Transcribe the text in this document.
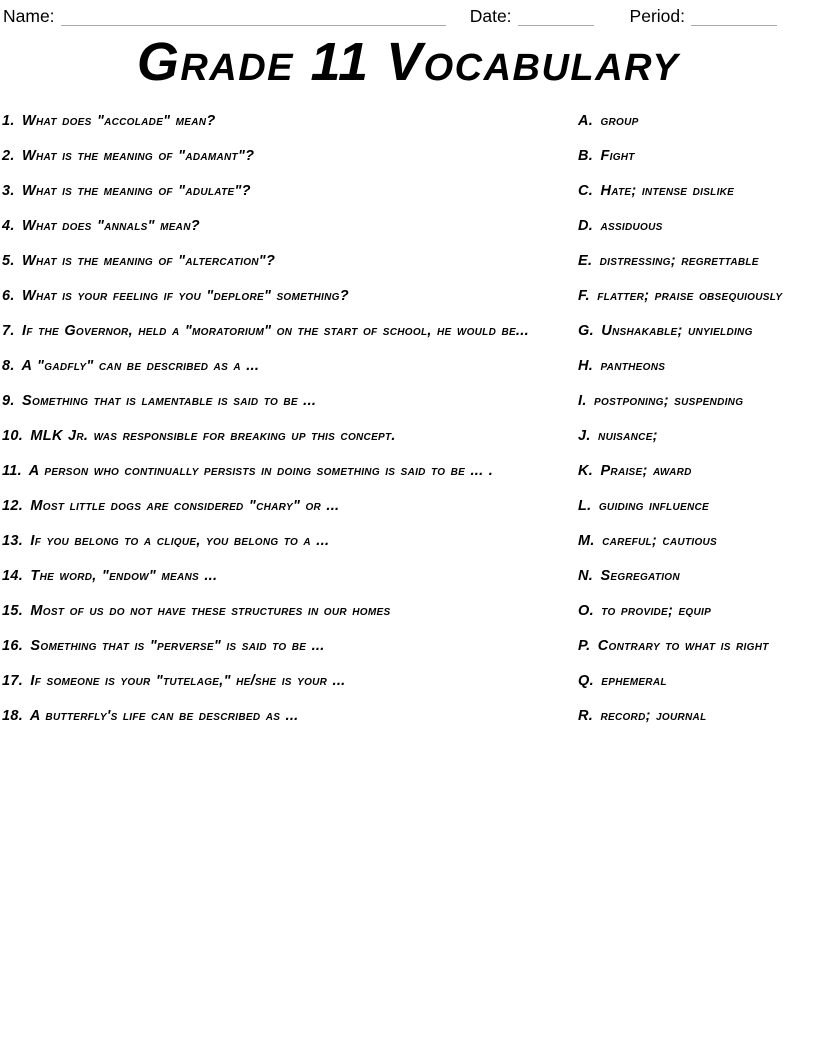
Name:	Date:	Period:
Grade 11 Vocabulary
1. What does "accolade" mean?	A. group
2. What is the meaning of "adamant"?	B. Fight
3. What is the meaning of "adulate"?	C. Hate; intense dislike
4. What does "annals" mean?	D. assiduous
5. What is the meaning of "altercation"?	E. distressing; regrettable
6. What is your feeling if you "deplore" something?	F. flatter; praise obsequiously
7. If the Governor, held a "moratorium" on the start of school, he would be...	G. Unshakable; unyielding
8. A "gadfly" can be described as a ...	H. pantheons
9. Something that is lamentable is said to be ...	I. postponing; suspending
10. MLK Jr. was responsible for breaking up this concept.	J. nuisance;
11. A person who continually persists in doing something is said to be ... .	K. Praise; award
12. Most little dogs are considered "chary" or ...	L. guiding influence
13. If you belong to a clique, you belong to a ...	M. careful; cautious
14. The word, "endow" means ...	N. Segregation
15. Most of us do not have these structures in our homes	O. to provide; equip
16. Something that is "perverse" is said to be ...	P. Contrary to what is right
17. If someone is your "tutelage," he/she is your ...	Q. ephemeral
18. A butterfly's life can be described as ...	R. record; journal
